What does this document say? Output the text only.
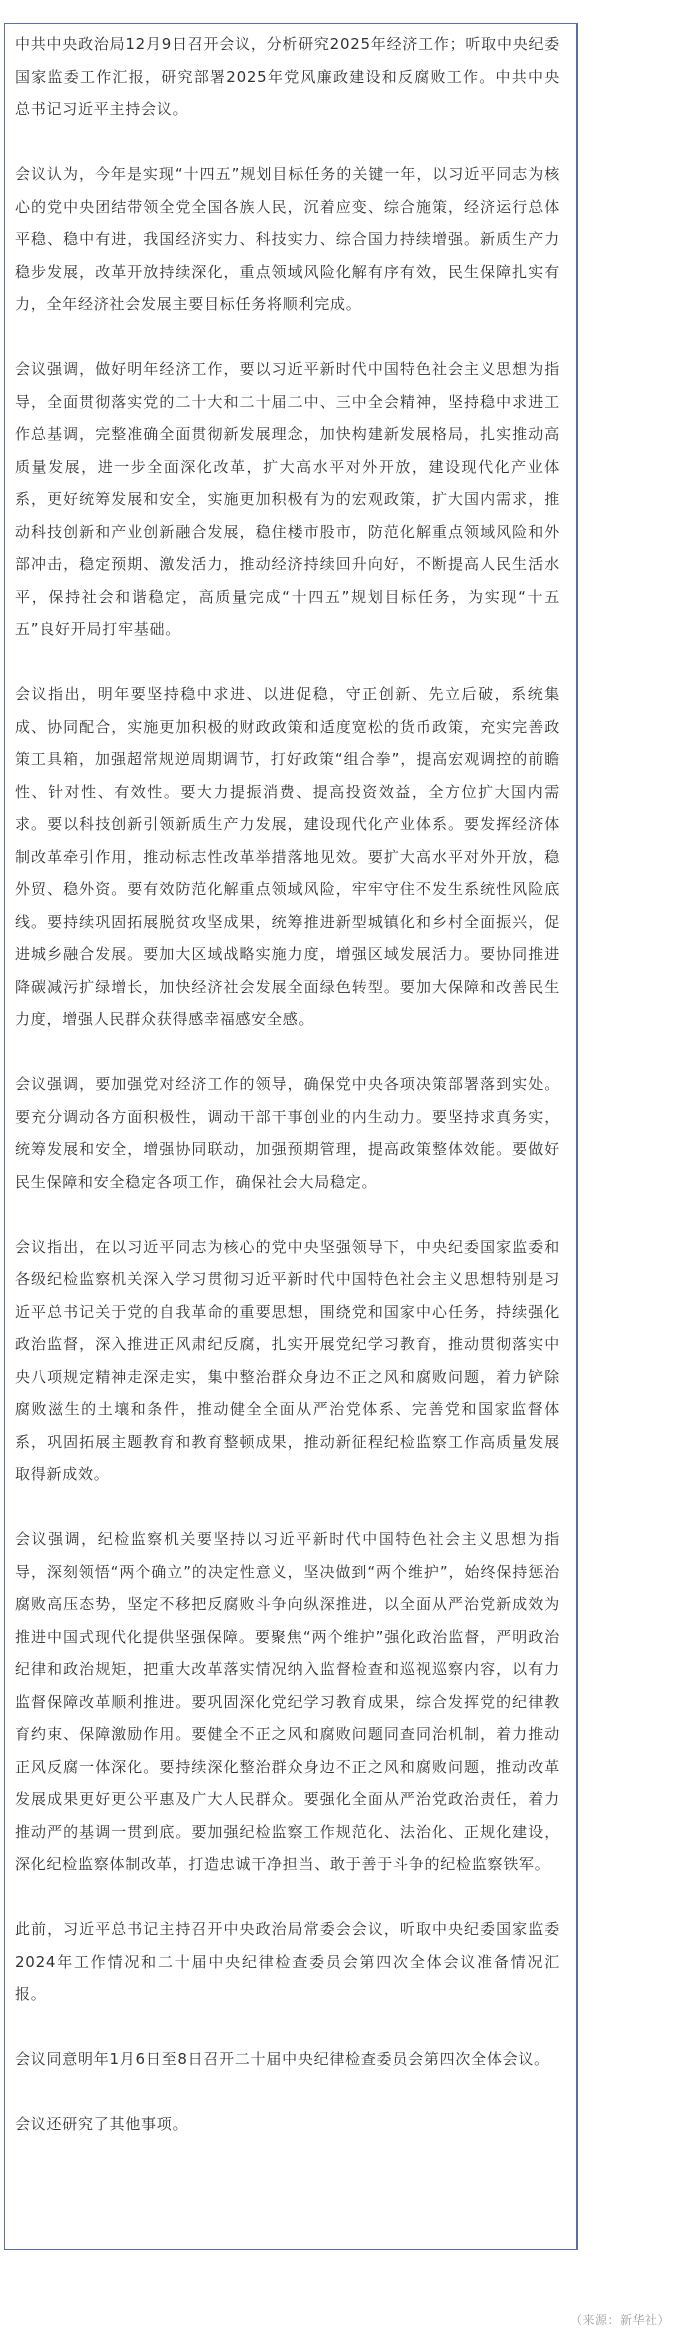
中共中央政治局12月9日召开会议，分析研究2025年经济工作；听取中央纪委国家监委工作汇报，研究部署2025年党风廉政建设和反腐败工作。中共中央总书记习近平主持会议。

会议认为，今年是实现“十四五”规划目标任务的关键一年，以习近平同志为核心的党中央团结带领全党全国各族人民，沉着应变、综合施策，经济运行总体平稳、稳中有进，我国经济实力、科技实力、综合国力持续增强。新质生产力稳步发展，改革开放持续深化，重点领域风险化解有序有效，民生保障扎实有力，全年经济社会发展主要目标任务将顺利完成。

会议强调，做好明年经济工作，要以习近平新时代中国特色社会主义思想为指导，全面贯彻落实党的二十大和二十届二中、三中全会精神，坚持稳中求进工作总基调，完整准确全面贯彻新发展理念，加快构建新发展格局，扎实推动高质量发展，进一步全面深化改革，扩大高水平对外开放，建设现代化产业体系，更好统筹发展和安全，实施更加积极有为的宏观政策，扩大国内需求，推动科技创新和产业创新融合发展，稳住楼市股市，防范化解重点领域风险和外部冲击，稳定预期、激发活力，推动经济持续回升向好，不断提高人民生活水平，保持社会和谐稳定，高质量完成“十四五”规划目标任务，为实现“十五五”良好开局打牢基础。

会议指出，明年要坚持稳中求进、以进促稳，守正创新、先立后破，系统集成、协同配合，实施更加积极的财政政策和适度宽松的货币政策，充实完善政策工具箱，加强超常规逆周期调节，打好政策“组合拳”，提高宏观调控的前瞻性、针对性、有效性。要大力提振消费、提高投资效益，全方位扩大国内需求。要以科技创新引领新质生产力发展，建设现代化产业体系。要发挥经济体制改革牵引作用，推动标志性改革举措落地见效。要扩大高水平对外开放，稳外贸、稳外资。要有效防范化解重点领域风险，牢牢守住不发生系统性风险底线。要持续巩固拓展脱贫攻坚成果，统筹推进新型城镇化和乡村全面振兴，促进城乡融合发展。要加大区域战略实施力度，增强区域发展活力。要协同推进降碳减污扩绿增长，加快经济社会发展全面绿色转型。要加大保障和改善民生力度，增强人民群众获得感幸福感安全感。

会议强调，要加强党对经济工作的领导，确保党中央各项决策部署落到实处。要充分调动各方面积极性，调动干部干事创业的内生动力。要坚持求真务实，统筹发展和安全，增强协同联动，加强预期管理，提高政策整体效能。要做好民生保障和安全稳定各项工作，确保社会大局稳定。

会议指出，在以习近平同志为核心的党中央坚强领导下，中央纪委国家监委和各级纪检监察机关深入学习贯彻习近平新时代中国特色社会主义思想特别是习近平总书记关于党的自我革命的重要思想，围绕党和国家中心任务，持续强化政治监督，深入推进正风肃纪反腐，扎实开展党纪学习教育，推动贯彻落实中央八项规定精神走深走实，集中整治群众身边不正之风和腐败问题，着力铲除腐败滋生的土壤和条件，推动健全全面从严治党体系、完善党和国家监督体系，巩固拓展主题教育和教育整顿成果，推动新征程纪检监察工作高质量发展取得新成效。

会议强调，纪检监察机关要坚持以习近平新时代中国特色社会主义思想为指导，深刻领悟“两个确立”的决定性意义，坚决做到“两个维护”，始终保持惩治腐败高压态势，坚定不移把反腐败斗争向纵深推进，以全面从严治党新成效为推进中国式现代化提供坚强保障。要聚焦“两个维护”强化政治监督，严明政治纪律和政治规矩，把重大改革落实情况纳入监督检查和巡视巡察内容，以有力监督保障改革顺利推进。要巩固深化党纪学习教育成果，综合发挥党的纪律教育约束、保障激励作用。要健全不正之风和腐败问题同查同治机制，着力推动正风反腐一体深化。要持续深化整治群众身边不正之风和腐败问题，推动改革发展成果更好更公平惠及广大人民群众。要强化全面从严治党政治责任，着力推动严的基调一贯到底。要加强纪检监察工作规范化、法治化、正规化建设，深化纪检监察体制改革，打造忠诚干净担当、敢于善于斗争的纪检监察铁军。

此前，习近平总书记主持召开中央政治局常委会会议，听取中央纪委国家监委2024年工作情况和二十届中央纪律检查委员会第四次全体会议准备情况汇报。

会议同意明年1月6日至8日召开二十届中央纪律检查委员会第四次全体会议。

会议还研究了其他事项。

（来源：新华社）
